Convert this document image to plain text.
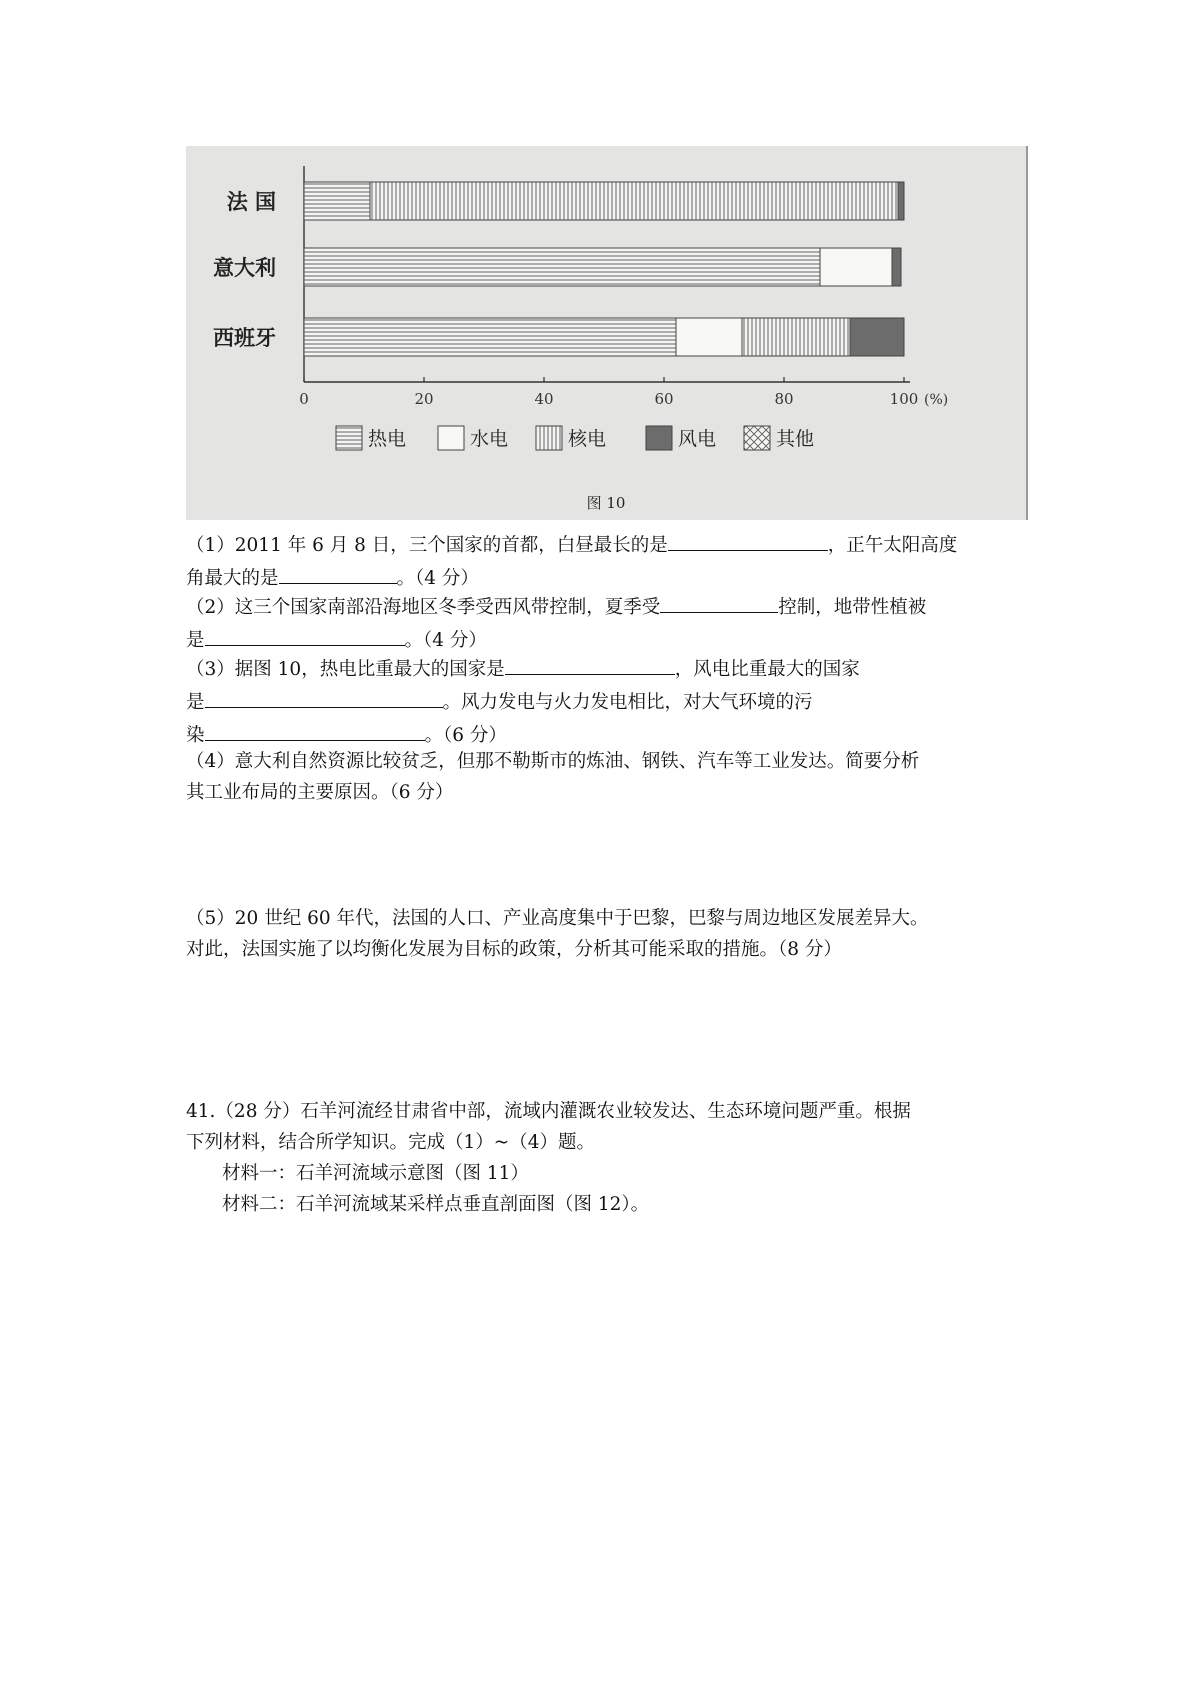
0	20	40	60	80	100 (%)
法 国
意大利
西班牙
热电	水电	核电	风电	其他
图 10
（1）2011 年 6 月 8 日，三个国家的首都，白昼最长的是	，正午太阳高度
角最大的是	。（4 分）
（2）这三个国家南部沿海地区冬季受西风带控制，夏季受	控制，地带性植被
是	。（4 分）
（3）据图 10，热电比重最大的国家是	，风电比重最大的国家
是	。风力发电与火力发电相比，对大气环境的污
染	。（6 分）
（4）意大利自然资源比较贫乏，但那不勒斯市的炼油、钢铁、汽车等工业发达。简要分析
其工业布局的主要原因。（6 分）
（5）20 世纪 60 年代，法国的人口、产业高度集中于巴黎，巴黎与周边地区发展差异大。
对此，法国实施了以均衡化发展为目标的政策，分析其可能采取的措施。（8 分）
41.（28 分）石羊河流经甘肃省中部，流域内灌溉农业较发达、生态环境问题严重。根据
下列材料，结合所学知识。完成（1）~（4）题。
材料一：石羊河流域示意图（图 11）
材料二：石羊河流域某采样点垂直剖面图（图 12）。
